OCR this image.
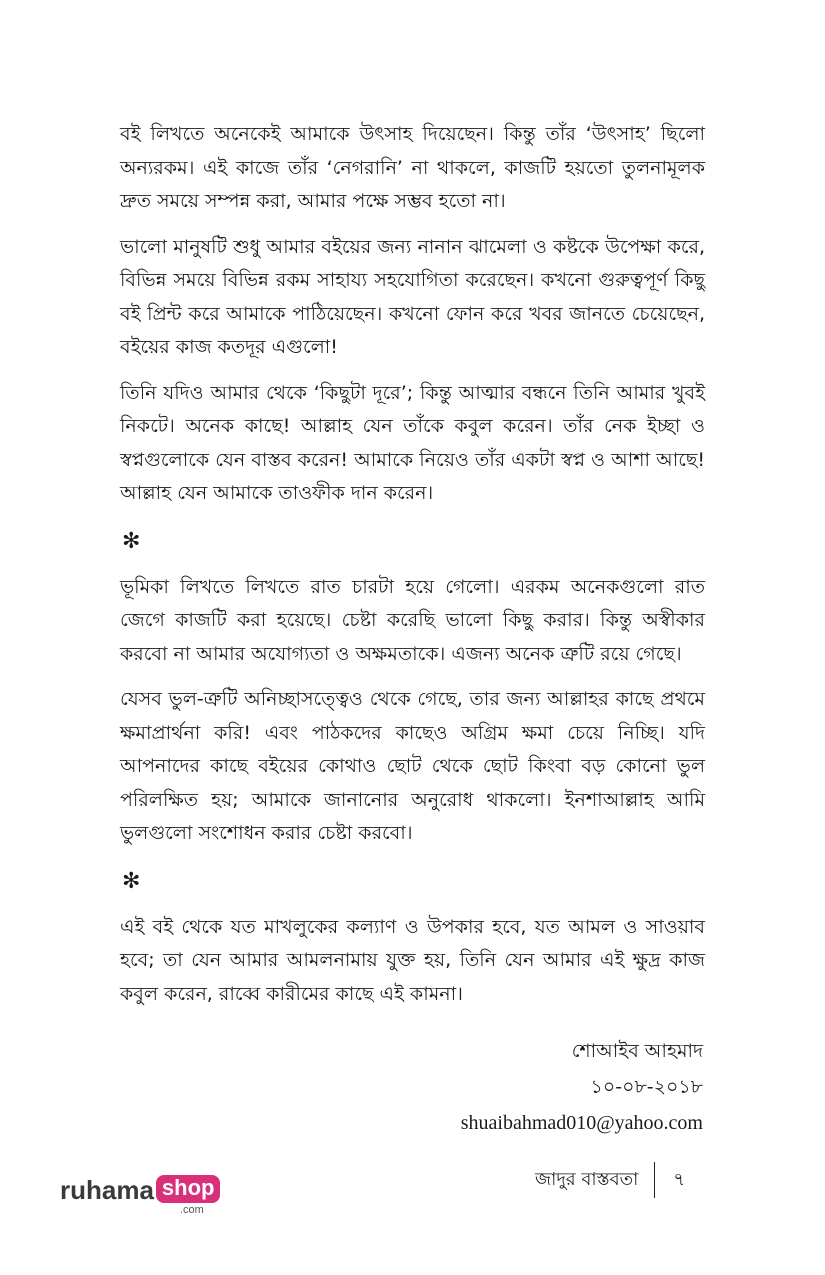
বই লিখতে অনেকেই আমাকে উৎসাহ দিয়েছেন। কিন্তু তাঁর ‘উৎসাহ’ ছিলো অন্যরকম। এই কাজে তাঁর ‘নেগরানি’ না থাকলে, কাজটি হয়তো তুলনামূলক দ্রুত সময়ে সম্পন্ন করা, আমার পক্ষে সম্ভব হতো না।

ভালো মানুষটি শুধু আমার বইয়ের জন্য নানান ঝামেলা ও কষ্টকে উপেক্ষা করে, বিভিন্ন সময়ে বিভিন্ন রকম সাহায্য সহযোগিতা করেছেন। কখনো গুরুত্বপূর্ণ কিছু বই প্রিন্ট করে আমাকে পাঠিয়েছেন। কখনো ফোন করে খবর জানতে চেয়েছেন, বইয়ের কাজ কতদূর এগুলো!

তিনি যদিও আমার থেকে ‘কিছুটা দূরে’; কিন্তু আত্মার বন্ধনে তিনি আমার খুবই নিকটে। অনেক কাছে! আল্লাহ যেন তাঁকে কবুল করেন। তাঁর নেক ইচ্ছা ও স্বপ্নগুলোকে যেন বাস্তব করেন! আমাকে নিয়েও তাঁর একটা স্বপ্ন ও আশা আছে! আল্লাহ যেন আমাকে তাওফীক দান করেন।

✻

ভূমিকা লিখতে লিখতে রাত চারটা হয়ে গেলো। এরকম অনেকগুলো রাত জেগে কাজটি করা হয়েছে। চেষ্টা করেছি ভালো কিছু করার। কিন্তু অস্বীকার করবো না আমার অযোগ্যতা ও অক্ষমতাকে। এজন্য অনেক ত্রুটি রয়ে গেছে।

যেসব ভুল-ত্রুটি অনিচ্ছাসত্ত্বেও থেকে গেছে, তার জন্য আল্লাহর কাছে প্রথমে ক্ষমাপ্রার্থনা করি! এবং পাঠকদের কাছেও অগ্রিম ক্ষমা চেয়ে নিচ্ছি। যদি আপনাদের কাছে বইয়ের কোথাও ছোট থেকে ছোট কিংবা বড় কোনো ভুল পরিলক্ষিত হয়; আমাকে জানানোর অনুরোধ থাকলো। ইনশাআল্লাহ আমি ভুলগুলো সংশোধন করার চেষ্টা করবো।

✻

এই বই থেকে যত মাখলুকের কল্যাণ ও উপকার হবে, যত আমল ও সাওয়াব হবে; তা যেন আমার আমলনামায় যুক্ত হয়, তিনি যেন আমার এই ক্ষুদ্র কাজ কবুল করেন, রাব্বে কারীমের কাছে এই কামনা।

শোআইব আহমাদ
১০-০৮-২০১৮
shuaibahmad010@yahoo.com
জাদুর বাস্তবতা ৭
ruhama shop
.com
